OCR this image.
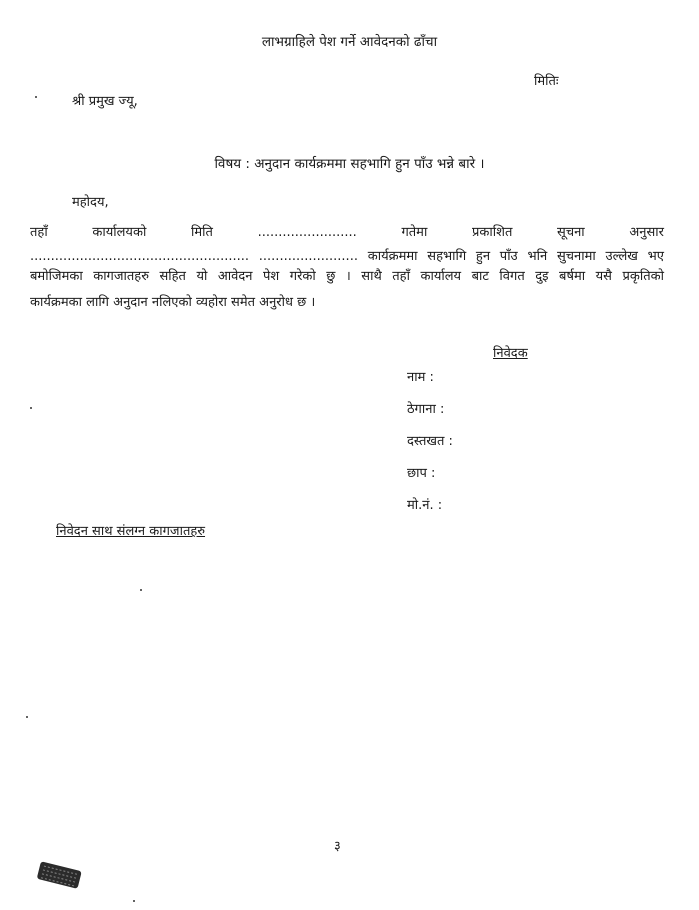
लाभग्राहिले पेश गर्ने आवेदनको ढाँचा
मितिः
श्री प्रमुख ज्यू,
विषय : अनुदान कार्यक्रममा सहभागि हुन पाँउ भन्ने बारे ।
महोदय,
तहाँ	कार्यालयको	मिति	........................	गतेमा	प्रकाशित	सूचना	अनुसार
..................................................... ........................ कार्यक्रममा सहभागि हुन पाँउ भनि सुचनामा उल्लेख भए
बमोजिमका कागजातहरु सहित यो आवेदन पेश गरेको छु । साथै तहाँ कार्यालय बाट विगत दुइ बर्षमा यसै प्रकृतिको
कार्यक्रमका लागि अनुदान नलिएको व्यहोरा समेत अनुरोध छ ।
निवेदक
नाम :
ठेगाना :
दस्तखत :
छाप :
मो.नं. :
निवेदन साथ संलग्न कागजातहरु
३
